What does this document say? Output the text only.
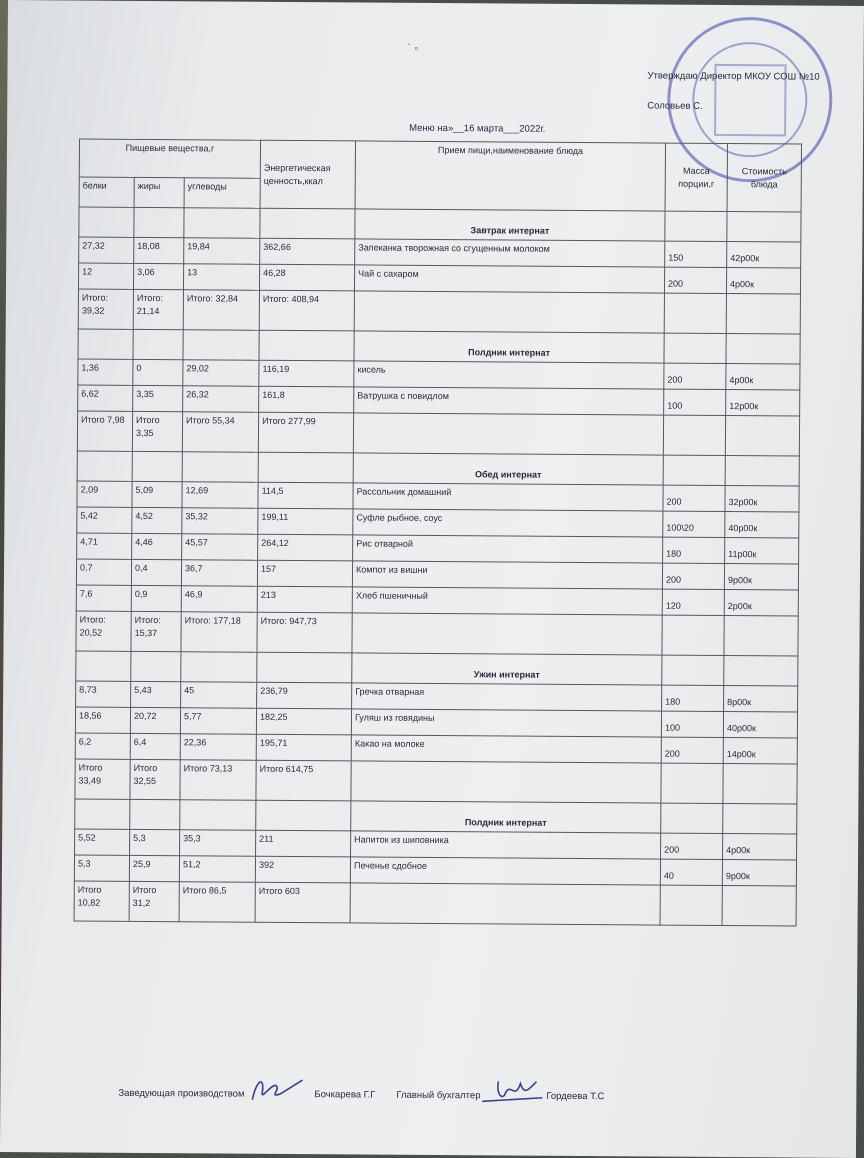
˙ ◦
Утверждаю Директор МКОУ СОШ №10
Соловьев С.
Меню на»__16 марта___2022г.
Пищевые вещества,г			Энергетическая ценность,ккал	Прием пищи,наименование блюда	Масса порции,г	Стоимость блюда
белки	жиры	углеводы				
				Завтрак интернат		
27,32	18,08	19,84	362,66	Запеканка творожная со сгущенным молоком	150	42р00к
12	3,06	13	46,28	Чай с сахаром	200	4р00к
Итого: 39,32	Итого: 21,14	Итого: 32,84	Итого: 408,94			
				Полдник интернат		
1,36	0	29,02	116,19	кисель	200	4р00к
6,62	3,35	26,32	161,8	Ватрушка с повидлом	100	12р00к
Итого 7,98	Итого 3,35	Итого 55,34	Итого 277,99			
				Обед интернат		
2,09	5,09	12,69	114,5	Рассольник домашний	200	32р00к
5,42	4,52	35,32	199,11	Суфле рыбное, соус	100\20	40р00к
4,71	4,46	45,57	264,12	Рис отварной	180	11р00к
0,7	0,4	36,7	157	Компот из вишни	200	9р00к
7,6	0,9	46,9	213	Хлеб пшеничный	120	2р00к
Итого: 20,52	Итого: 15,37	Итого: 177,18	Итого: 947,73			
				Ужин интернат		
8,73	5,43	45	236,79	Гречка отварная	180	8р00к
18,56	20,72	5,77	182,25	Гуляш из говядины	100	40р00к
6,2	6,4	22,36	195,71	Какао на молоке	200	14р00к
Итого 33,49	Итого 32,55	Итого 73,13	Итого 614,75			
				Полдник интернат		
5,52	5,3	35,3	211	Напиток из шиповника	200	4р00к
5,3	25,9	51,2	392	Печенье сдобное	40	9р00к
Итого 10,82	Итого 31,2	Итого 86,5	Итого 603			
Заведующая производством	Бочкарева Г.Г Главный бухгалтер	Гордеева Т.С
